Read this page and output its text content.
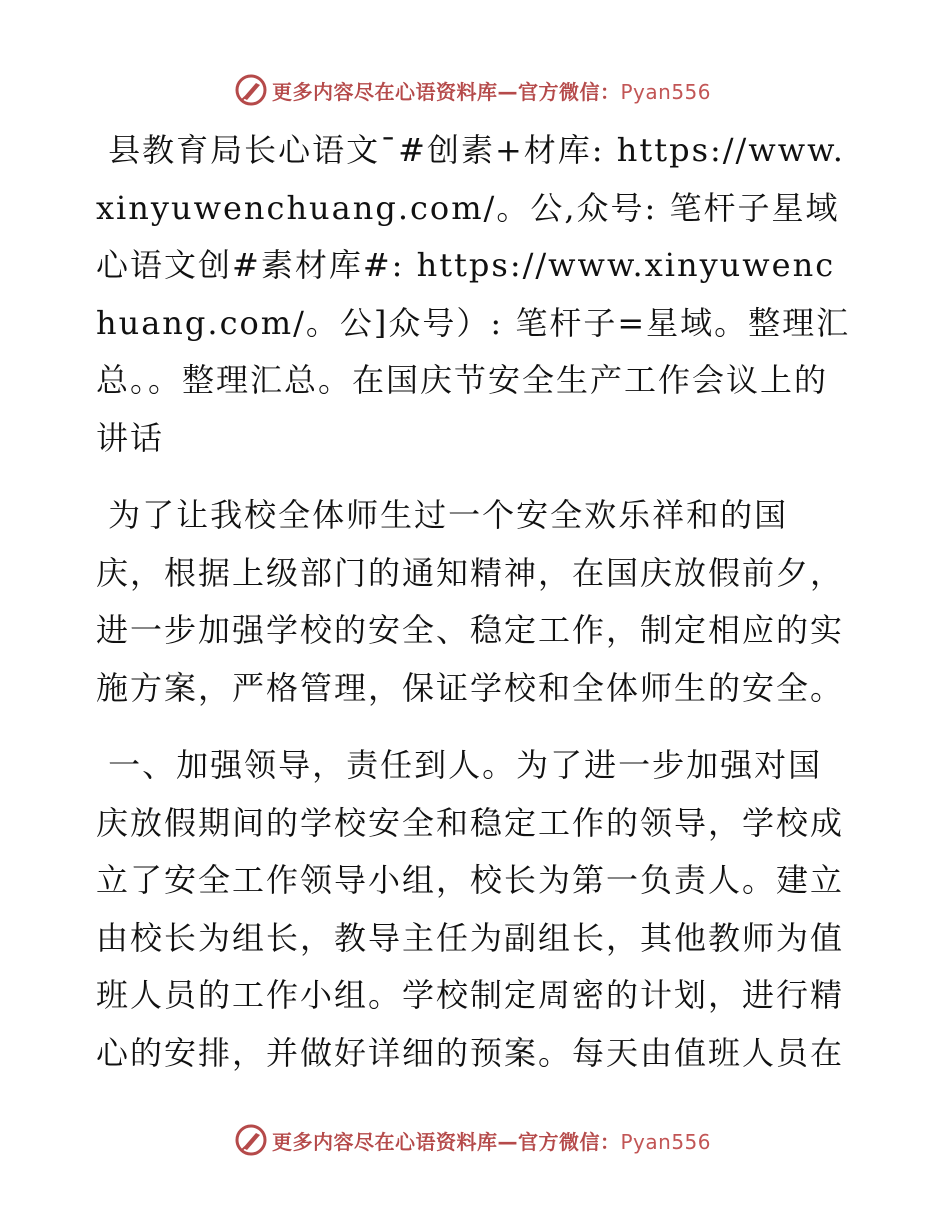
更多内容尽在心语资料库—官方微信：Pyan556

县教育局长心语文¯#创素+材库: https://www.xinyuwenchuang.com/。公,众号: 笔杆子星域心语文创#素材库#: https://www.xinyuwenchuang.com/。公]众号）: 笔杆子=星域。整理汇总。。整理汇总。在国庆节安全生产工作会议上的讲话

为了让我校全体师生过一个安全欢乐祥和的国庆，根据上级部门的通知精神，在国庆放假前夕，进一步加强学校的安全、稳定工作，制定相应的实施方案，严格管理，保证学校和全体师生的安全。

一、加强领导，责任到人。为了进一步加强对国庆放假期间的学校安全和稳定工作的领导，学校成立了安全工作领导小组，校长为第一负责人。建立由校长为组长，教导主任为副组长，其他教师为值班人员的工作小组。学校制定周密的计划，进行精心的安排，并做好详细的预案。每天由值班人员在

更多内容尽在心语资料库—官方微信：Pyan556
